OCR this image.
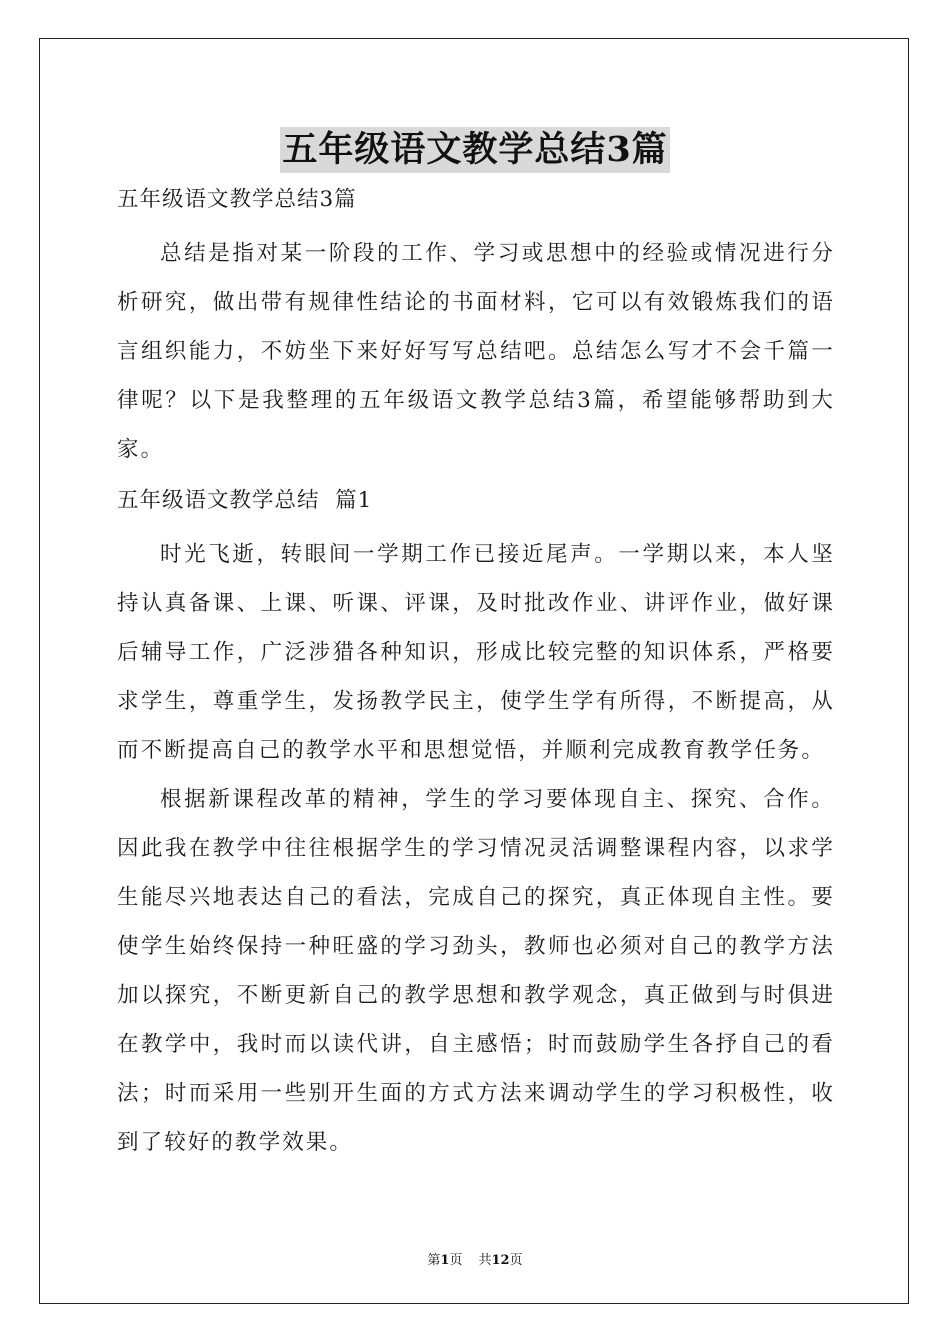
五年级语文教学总结3篇

五年级语文教学总结3篇

总结是指对某一阶段的工作、学习或思想中的经验或情况进行分析研究，做出带有规律性结论的书面材料，它可以有效锻炼我们的语言组织能力，不妨坐下来好好写写总结吧。总结怎么写才不会千篇一律呢？以下是我整理的五年级语文教学总结3篇，希望能够帮助到大家。

五年级语文教学总结  篇1

时光飞逝，转眼间一学期工作已接近尾声。一学期以来，本人坚持认真备课、上课、听课、评课，及时批改作业、讲评作业，做好课后辅导工作，广泛涉猎各种知识，形成比较完整的知识体系，严格要求学生，尊重学生，发扬教学民主，使学生学有所得，不断提高，从而不断提高自己的教学水平和思想觉悟，并顺利完成教育教学任务。

根据新课程改革的精神，学生的学习要体现自主、探究、合作。因此我在教学中往往根据学生的学习情况灵活调整课程内容，以求学生能尽兴地表达自己的看法，完成自己的探究，真正体现自主性。要使学生始终保持一种旺盛的学习劲头，教师也必须对自己的教学方法加以探究，不断更新自己的教学思想和教学观念，真正做到与时俱进在教学中，我时而以读代讲，自主感悟；时而鼓励学生各抒自己的看法；时而采用一些别开生面的方式方法来调动学生的学习积极性，收到了较好的教学效果。

第1页 共12页
